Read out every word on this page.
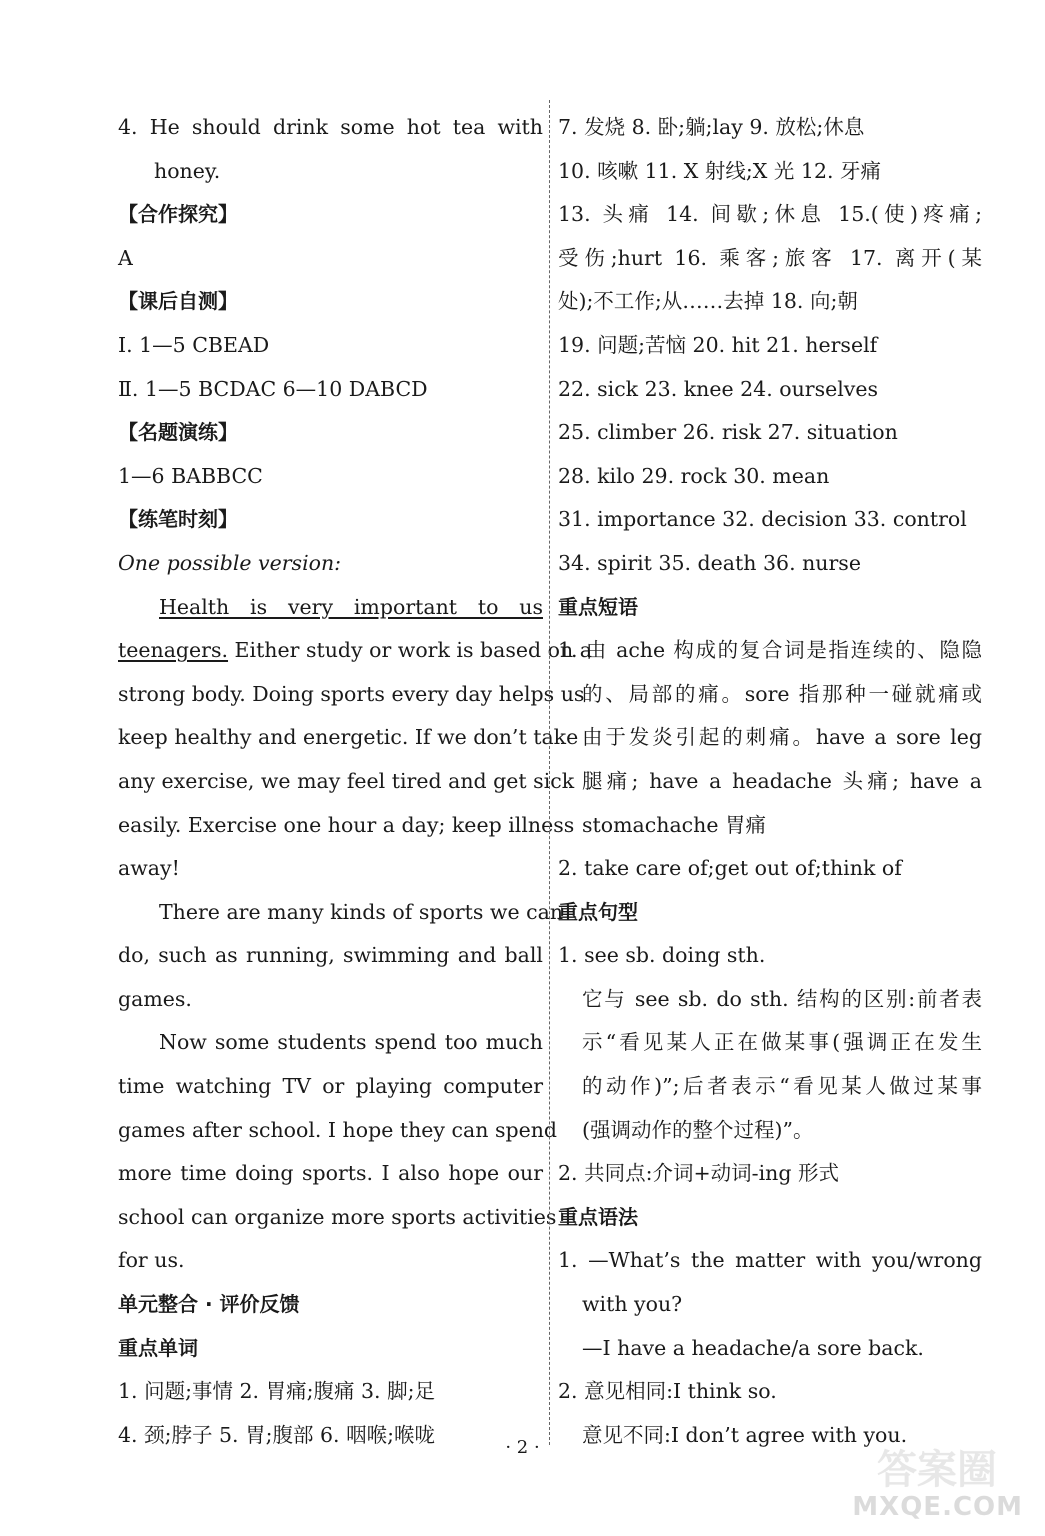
4. He should drink some hot tea with
honey.
【合作探究】
A
【课后自测】
Ⅰ. 1—5 CBEAD
Ⅱ. 1—5 BCDAC 6—10 DABCD
【名题演练】
1—6 BABBCC
【练笔时刻】
One possible version:
Health is very important to us
teenagers. Either study or work is based on a
strong body. Doing sports every day helps us
keep healthy and energetic. If we don’t take
any exercise, we may feel tired and get sick
easily. Exercise one hour a day; keep illness
away!
There are many kinds of sports we can
do, such as running, swimming and ball
games.
Now some students spend too much
time watching TV or playing computer
games after school. I hope they can spend
more time doing sports. I also hope our
school can organize more sports activities
for us.
单元整合 · 评价反馈
重点单词
1. 问题;事情 2. 胃痛;腹痛 3. 脚;足
4. 颈;脖子 5. 胃;腹部 6. 咽喉;喉咙
7. 发烧 8. 卧;躺;lay 9. 放松;休息
10. 咳嗽 11. X 射线;X 光 12. 牙痛
13. 头痛 14. 间歇;休息 15.(使)疼痛;
受伤;hurt 16. 乘客;旅客 17. 离开(某
处);不工作;从……去掉 18. 向;朝
19. 问题;苦恼 20. hit 21. herself
22. sick 23. knee 24. ourselves
25. climber 26. risk 27. situation
28. kilo 29. rock 30. mean
31. importance 32. decision 33. control
34. spirit 35. death 36. nurse
重点短语
1. 由 ache 构成的复合词是指连续的、隐隐
的、局部的痛。sore 指那种一碰就痛或
由于发炎引起的刺痛。have a sore leg
腿痛; have a headache 头痛; have a
stomachache 胃痛
2. take care of;get out of;think of
重点句型
1. see sb. doing sth.
它与 see sb. do sth. 结构的区别:前者表
示“看见某人正在做某事(强调正在发生
的动作)”;后者表示“看见某人做过某事
(强调动作的整个过程)”。
2. 共同点:介词+动词-ing 形式
重点语法
1. —What’s the matter with you/wrong
with you?
—I have a headache/a sore back.
2. 意见相同:I think so.
意见不同:I don’t agree with you.
· 2 ·	答案圈
MXQE.COM
